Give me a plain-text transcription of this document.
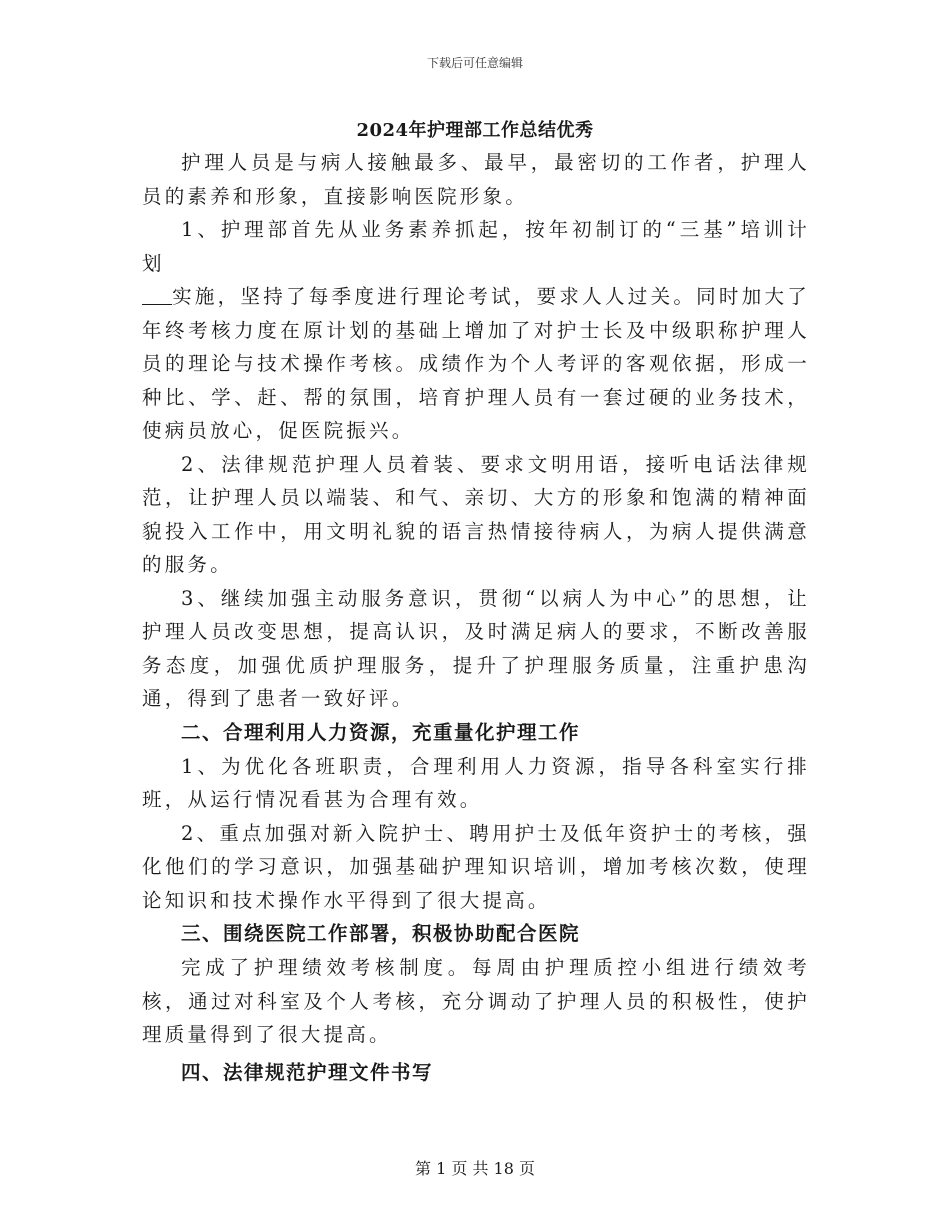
下载后可任意编辑
2024年护理部工作总结优秀

护理人员是与病人接触最多、最早，最密切的工作者，护理人员的素养和形象，直接影响医院形象。

1、护理部首先从业务素养抓起，按年初制订的“三基”培训计划
实施，坚持了每季度进行理论考试，要求人人过关。同时加大了年终考核力度在原计划的基础上增加了对护士长及中级职称护理人员的理论与技术操作考核。成绩作为个人考评的客观依据，形成一种比、学、赶、帮的氛围，培育护理人员有一套过硬的业务技术，使病员放心，促医院振兴。

2、法律规范护理人员着装、要求文明用语，接听电话法律规范，让护理人员以端装、和气、亲切、大方的形象和饱满的精神面貌投入工作中，用文明礼貌的语言热情接待病人，为病人提供满意的服务。

3、继续加强主动服务意识，贯彻“以病人为中心”的思想，让护理人员改变思想，提高认识，及时满足病人的要求，不断改善服务态度，加强优质护理服务，提升了护理服务质量，注重护患沟通，得到了患者一致好评。

二、合理利用人力资源，充重量化护理工作

1、为优化各班职责，合理利用人力资源，指导各科室实行排班，从运行情况看甚为合理有效。

2、重点加强对新入院护士、聘用护士及低年资护士的考核，强化他们的学习意识，加强基础护理知识培训，增加考核次数，使理论知识和技术操作水平得到了很大提高。

三、围绕医院工作部署，积极协助配合医院

完成了护理绩效考核制度。每周由护理质控小组进行绩效考核，通过对科室及个人考核，充分调动了护理人员的积极性，使护理质量得到了很大提高。

四、法律规范护理文件书写

第 1 页 共 18 页
